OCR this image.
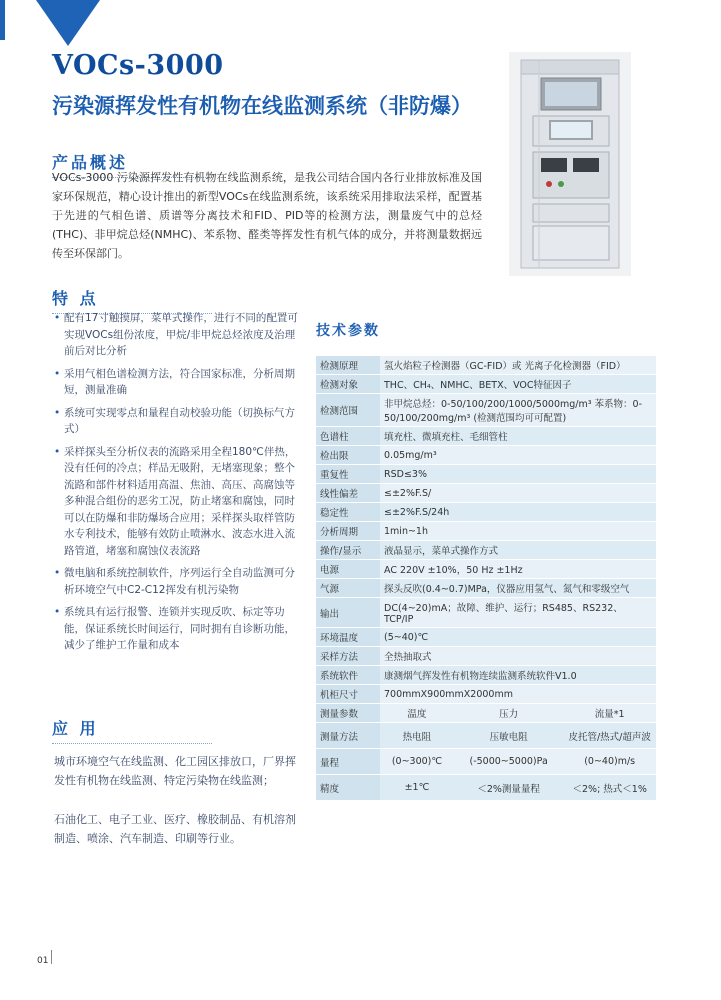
VOCs-3000
污染源挥发性有机物在线监测系统（非防爆）
产品概述
VOCs-3000 污染源挥发性有机物在线监测系统，是我公司结合国内各行业排放标准及国家环保规范，精心设计推出的新型VOCs在线监测系统，该系统采用排取法采样，配置基于先进的气相色谱、质谱等分离技术和FID、PID等的检测方法，测量废气中的总烃(THC)、非甲烷总烃(NMHC)、苯系物、醛类等挥发性有机气体的成分，并将测量数据远传至环保部门。
特 点
• 配有17寸触摸屏，菜单式操作，进行不同的配置可实现VOCs组份浓度，甲烷/非甲烷总烃浓度及治理前后对比分析
• 采用气相色谱检测方法，符合国家标准，分析周期短，测量准确
• 系统可实现零点和量程自动校验功能（切换标气方式）
• 采样探头至分析仪表的流路采用全程180℃伴热，没有任何的冷点；样品无吸附，无堵塞现象；整个流路和部件材料适用高温、焦油、高压、高腐蚀等多种混合组份的恶劣工况，防止堵塞和腐蚀，同时可以在防爆和非防爆场合应用；采样探头取样管防水专利技术，能够有效防止喷淋水、波态水进入流路管道，堵塞和腐蚀仪表流路
• 微电脑和系统控制软件，序列运行全自动监测可分析环境空气中C2-C12挥发有机污染物
• 系统具有运行报警、连锁并实现反吹、标定等功能，保证系统长时间运行，同时拥有自诊断功能，减少了维护工作量和成本
应 用
城市环境空气在线监测、化工园区排放口，厂界挥发性有机物在线监测、特定污染物在线监测；
石油化工、电子工业、医疗、橡胶制品、有机溶剂制造、喷涂、汽车制造、印刷等行业。
技术参数
检测原理	氢火焰粒子检测器（GC-FID）或 光离子化检测器（FID）		
检测对象	THC、CH₄、NMHC、BETX、VOC特征因子		
检测范围	非甲烷总烃：0-50/100/200/1000/5000mg/m³ 苯系物：0-50/100/200mg/m³ (检测范围均可可配置)		
色谱柱	填充柱、微填充柱、毛细管柱		
检出限	0.05mg/m³		
重复性	RSD≤3%		
线性偏差	≤±2%F.S/		
稳定性	≤±2%F.S/24h		
分析周期	1min~1h		
操作/显示	液晶显示，菜单式操作方式		
电源	AC 220V ±10%，50 Hz ±1Hz		
气源	探头反吹(0.4~0.7)MPa，仪器应用氢气、氮气和零级空气		
输出	DC(4~20)mA；故障、维护、运行；RS485、RS232、TCP/IP		
环境温度	(5~40)℃		
采样方法	全热抽取式		
系统软件	康测烟气挥发性有机物连续监测系统软件V1.0		
机柜尺寸	700mmX900mmX2000mm		
测量参数	温度	压力	流量*1
测量方法	热电阻	压敏电阻	皮托管/热式/超声波
量程	(0~300)℃	(-5000~5000)Pa	(0~40)m/s
精度	±1℃	＜2%测量量程	＜2%; 热式＜1%
01
